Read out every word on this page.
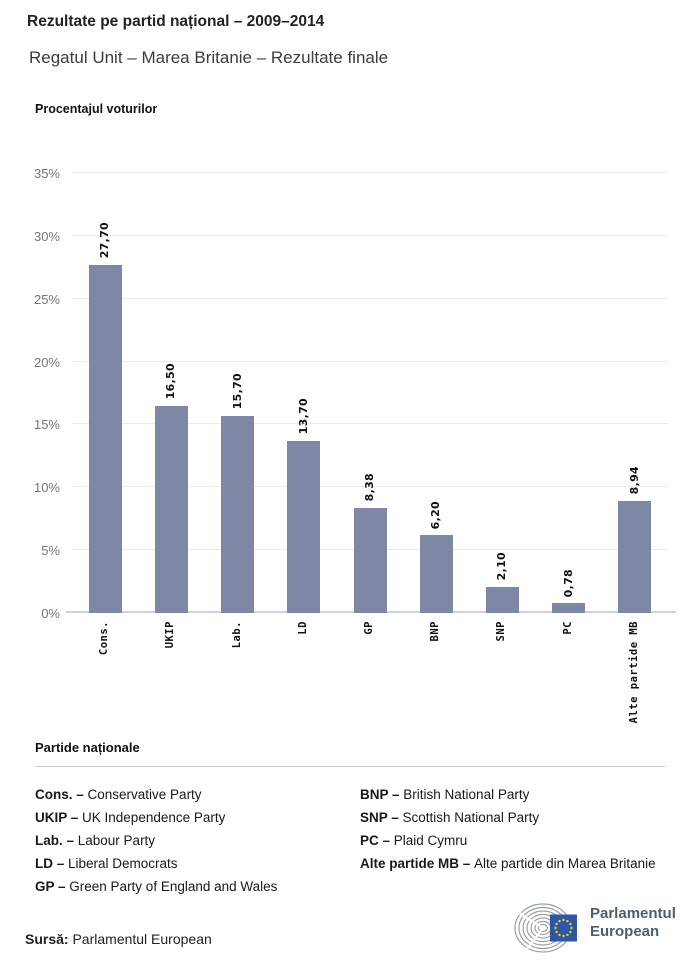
Rezultate pe partid național – 2009–2014
Regatul Unit – Marea Britanie – Rezultate finale
Procentajul voturilor
0%
5%
10%
15%
20%
25%
30%
35%
27,70
16,50	15,70
13,70
8,38
6,20
2,10
0,78
8,94
Cons.	UKIP	Lab.	LD	GP	BNP	SNP	PC	Alte partide MB
Partide naționale
Cons. – Conservative Party
UKIP – UK Independence Party
Lab. – Labour Party
LD – Liberal Democrats
GP – Green Party of England and Wales
BNP – British National Party
SNP – Scottish National Party
PC – Plaid Cymru
Alte partide MB – Alte partide din Marea Britanie
Sursă: Parlamentul European
Parlamentul
European
